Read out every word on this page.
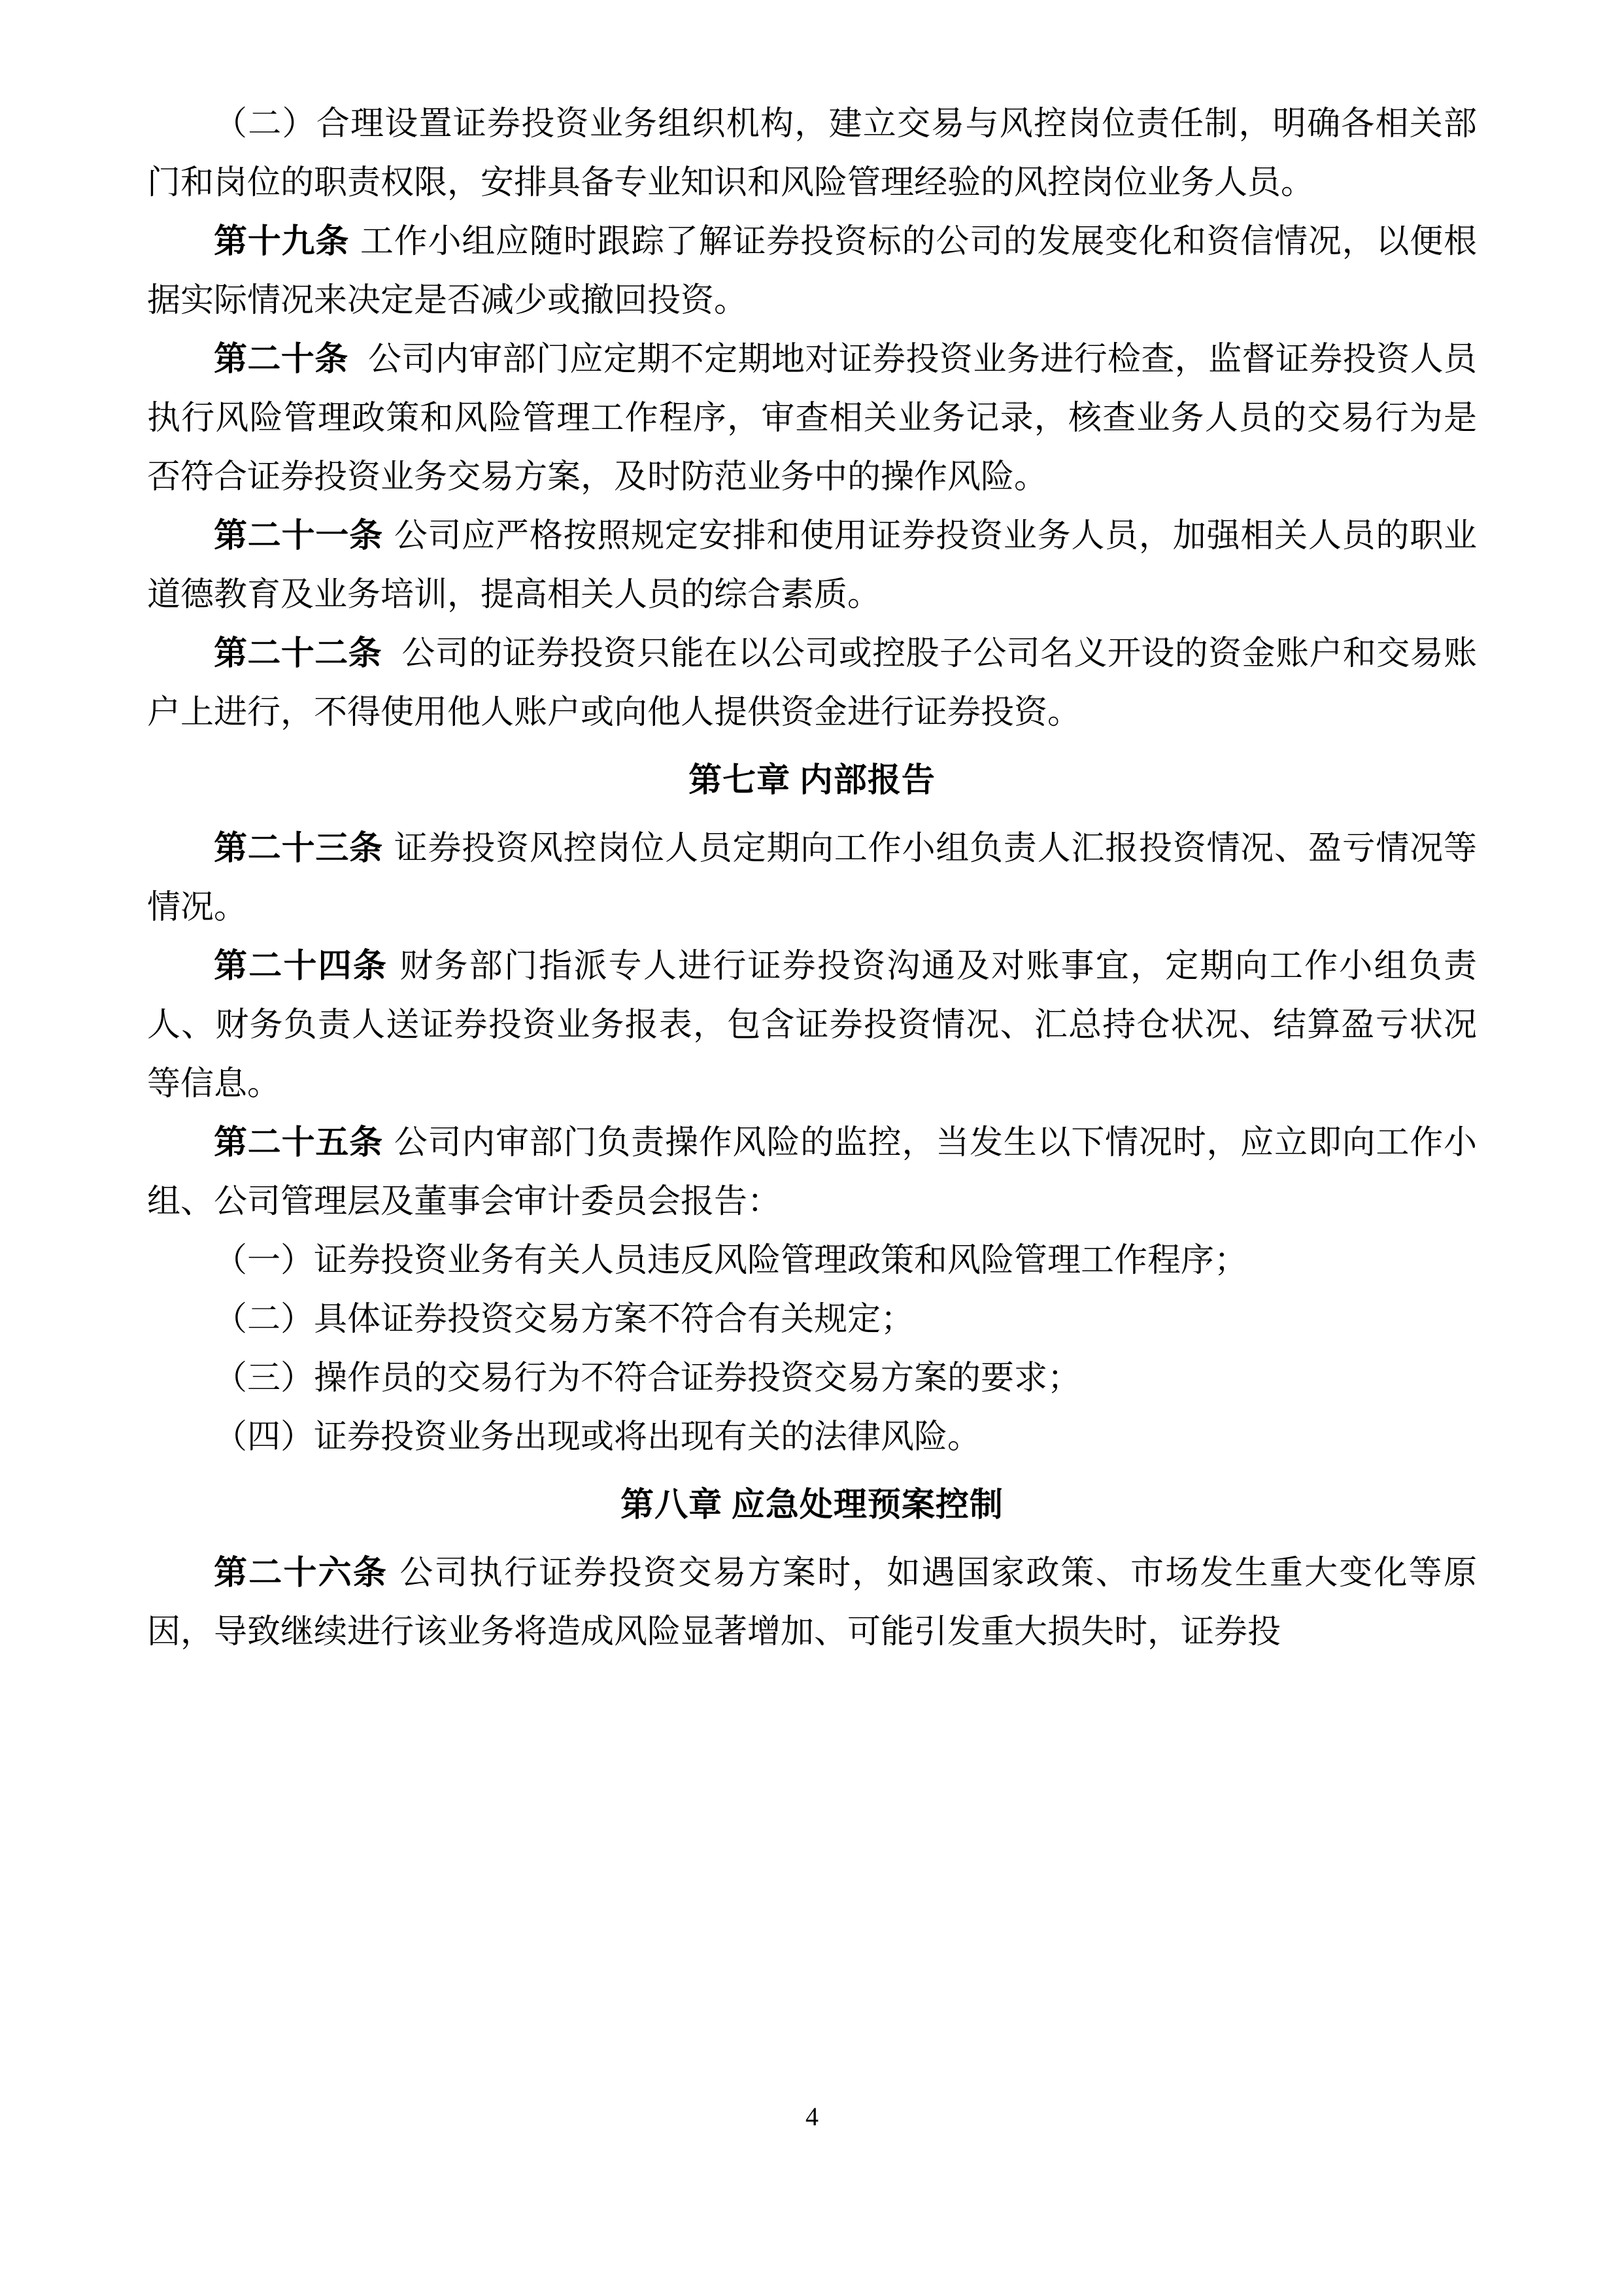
（二）合理设置证券投资业务组织机构，建立交易与风控岗位责任制，明确各相关部门和岗位的职责权限，安排具备专业知识和风险管理经验的风控岗位业务人员。

第十九条 工作小组应随时跟踪了解证券投资标的公司的发展变化和资信情况，以便根据实际情况来决定是否减少或撤回投资。

第二十条 公司内审部门应定期不定期地对证券投资业务进行检查，监督证券投资人员执行风险管理政策和风险管理工作程序，审查相关业务记录，核查业务人员的交易行为是否符合证券投资业务交易方案，及时防范业务中的操作风险。

第二十一条 公司应严格按照规定安排和使用证券投资业务人员，加强相关人员的职业道德教育及业务培训，提高相关人员的综合素质。

第二十二条 公司的证券投资只能在以公司或控股子公司名义开设的资金账户和交易账户上进行，不得使用他人账户或向他人提供资金进行证券投资。

第七章 内部报告

第二十三条 证券投资风控岗位人员定期向工作小组负责人汇报投资情况、盈亏情况等情况。

第二十四条 财务部门指派专人进行证券投资沟通及对账事宜，定期向工作小组负责人、财务负责人送证券投资业务报表，包含证券投资情况、汇总持仓状况、结算盈亏状况等信息。

第二十五条 公司内审部门负责操作风险的监控，当发生以下情况时，应立即向工作小组、公司管理层及董事会审计委员会报告：

（一）证券投资业务有关人员违反风险管理政策和风险管理工作程序；

（二）具体证券投资交易方案不符合有关规定；

（三）操作员的交易行为不符合证券投资交易方案的要求；

（四）证券投资业务出现或将出现有关的法律风险。

第八章 应急处理预案控制

第二十六条 公司执行证券投资交易方案时，如遇国家政策、市场发生重大变化等原因，导致继续进行该业务将造成风险显著增加、可能引发重大损失时，证券投

4
